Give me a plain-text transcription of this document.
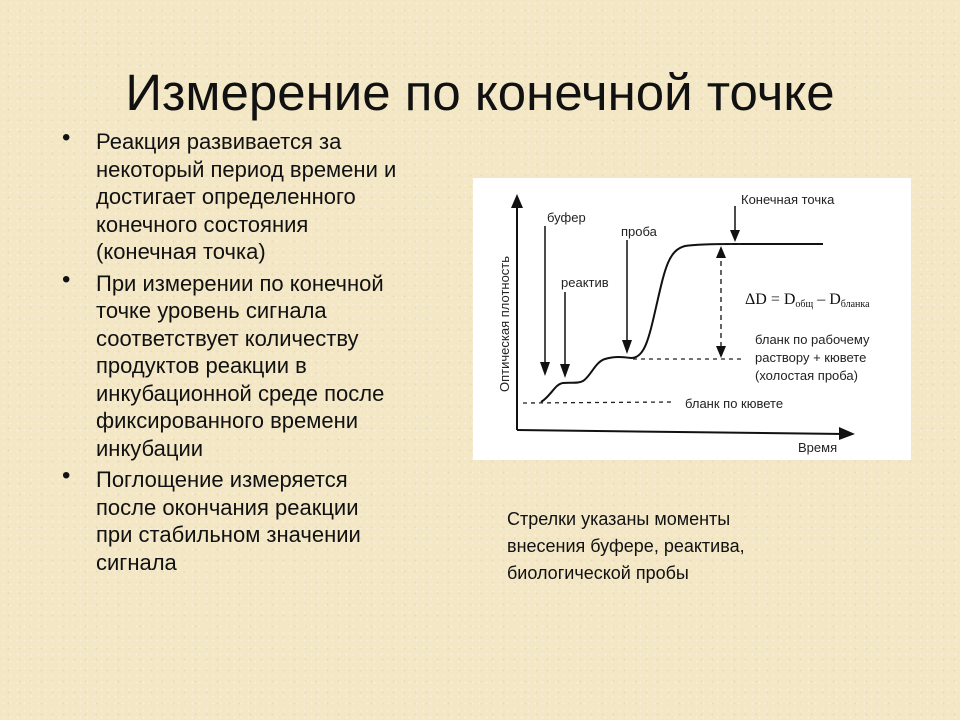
Измерение по конечной точке
• Реакция развивается за
некоторый период времени и
достигает определенного
конечного состояния
(конечная точка)
• При измерении по конечной
точке уровень сигнала
соответствует количеству
продуктов реакции в
инкубационной среде после
фиксированного времени
инкубации
• Поглощение измеряется
после окончания реакции
при стабильном значении
сигнала
Оптическая плотность
Время
бланк по кювете
Конечная точка
буфер
реактив
проба
ΔD = Dобщ – Dбланка
бланк по рабочему
раствору + кювете
(холостая проба)
Стрелки указаны моменты
внесения буфере, реактива,
биологической пробы
